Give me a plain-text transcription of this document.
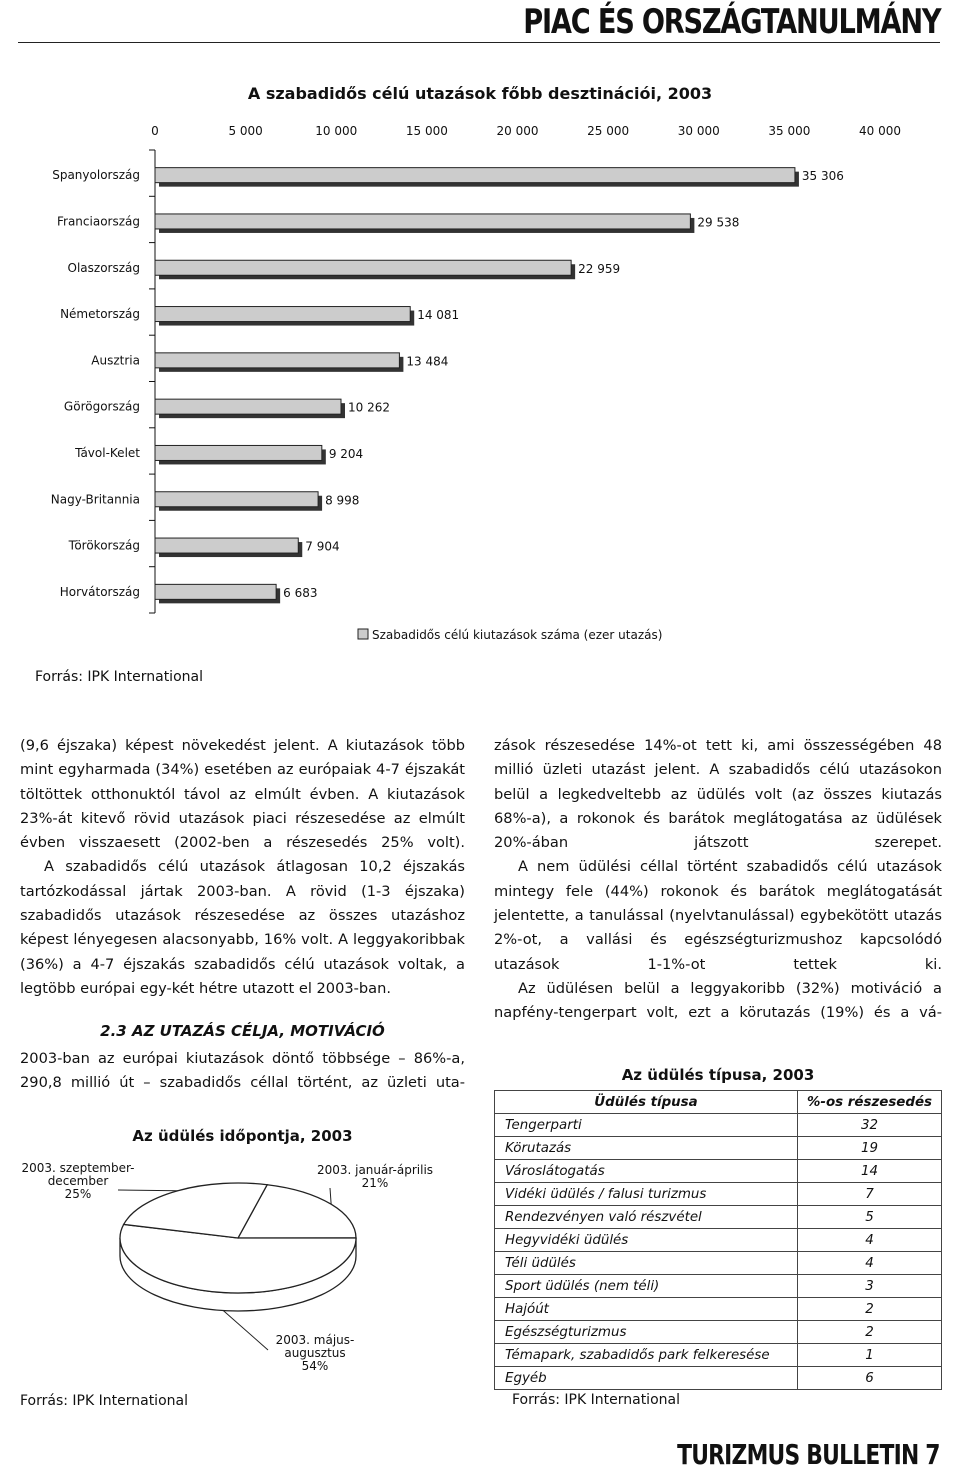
PIAC ÉS ORSZÁGTANULMÁNY
A szabadidős célú utazások főbb desztinációi, 2003
0	5 000	10 000	15 000	20 000	25 000	30 000	35 000	40 000
Spanyolország	35 306
Franciaország	29 538
Olaszország	22 959
Németország	14 081
Ausztria	13 484
Görögország	10 262
Távol-Kelet	9 204
Nagy-Britannia	8 998
Törökország	7 904
Horvátország	6 683
Szabadidős célú kiutazások száma (ezer utazás)
Forrás: IPK International

(9,6 éjszaka) képest növekedést jelent. A kiutazások több mint egyharmada (34%) esetében az európaiak 4-7 éjszakát töltöttek otthonuktól távol az elmúlt évben. A kiutazások 23%-át kitevő rövid utazások piaci részesedése az elmúlt évben visszaesett (2002-ben a részesedés 25% volt).

A szabadidős célú utazások átlagosan 10,2 éjszakás tartózkodással jártak 2003-ban. A rövid (1-3 éjszaka) szabadidős utazások részesedése az összes utazáshoz képest lényegesen alacsonyabb, 16% volt. A leggyakoribbak (36%) a 4-7 éjszakás szabadidős célú utazások voltak, a legtöbb európai egy-két hétre utazott el 2003-ban.

2.3 AZ UTAZÁS CÉLJA, MOTIVÁCIÓ

2003-ban az európai kiutazások döntő többsége – 86%-a, 290,8 millió út – szabadidős céllal történt, az üzleti uta-

zások részesedése 14%-ot tett ki, ami összességében 48 millió üzleti utazást jelent. A szabadidős célú utazásokon belül a legkedveltebb az üdülés volt (az összes kiutazás 68%-a), a rokonok és barátok meglátogatása az üdülések 20%-ában játszott szerepet.

A nem üdülési céllal történt szabadidős célú utazások mintegy fele (44%) rokonok és barátok meglátogatását jelentette, a tanulással (nyelvtanulással) egybekötött utazás 2%-ot, a vallási és egészségturizmushoz kapcsolódó utazások 1-1%-ot tettek ki.

Az üdülésen belül a leggyakoribb (32%) motiváció a napfény-tengerpart volt, ezt a körutazás (19%) és a vá-

Az üdülés időpontja, 2003
2003. január-április 21%
2003. május-augusztus 54%
2003. szeptember-december 25%
Forrás: IPK International
Az üdülés típusa, 2003
Üdülés típusa	%-os részesedés
Tengerparti	32
Körutazás	19
Városlátogatás	14
Vidéki üdülés / falusi turizmus	7
Rendezvényen való részvétel	5
Hegyvidéki üdülés	4
Téli üdülés	4
Sport üdülés (nem téli)	3
Hajóút	2
Egészségturizmus	2
Témapark, szabadidős park felkeresése	1
Egyéb	6
Forrás: IPK International
TURIZMUS BULLETIN 7
